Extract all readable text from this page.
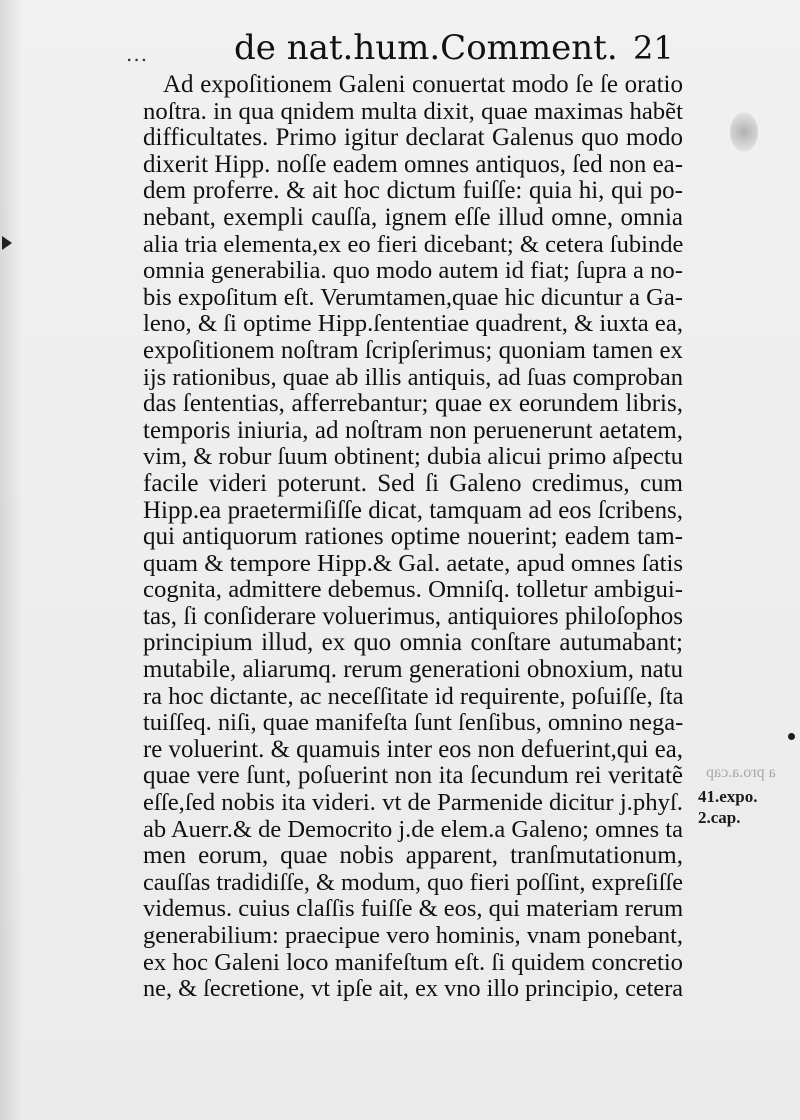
...	de nat.hum.Comment. 21
Ad expoſitionem Galeni conuertat modo ſe ſe oratio
noſtra. in qua qnidem multa dixit, quae maximas habẽt
difficultates. Primo igitur declarat Galenus quo modo
dixerit Hipp. noſſe eadem omnes antiquos, ſed non ea-
dem proferre. & ait hoc dictum fuiſſe: quia hi, qui po-
nebant, exempli cauſſa, ignem eſſe illud omne, omnia
alia tria elementa,ex eo fieri dicebant; & cetera ſubinde
omnia generabilia. quo modo autem id fiat; ſupra a no-
bis expoſitum eſt. Verumtamen,quae hic dicuntur a Ga-
leno, & ſi optime Hipp.ſententiae quadrent, & iuxta ea,
expoſitionem noſtram ſcripſerimus; quoniam tamen ex
ijs rationibus, quae ab illis antiquis, ad ſuas comproban
das ſententias, afferrebantur; quae ex eorundem libris,
temporis iniuria, ad noſtram non peruenerunt aetatem,
vim, & robur ſuum obtinent; dubia alicui primo aſpectu
facile videri poterunt. Sed ſi Galeno credimus, cum
Hipp.ea praetermiſiſſe dicat, tamquam ad eos ſcribens,
qui antiquorum rationes optime nouerint; eadem tam-
quam & tempore Hipp.& Gal. aetate, apud omnes ſatis
cognita, admittere debemus. Omniſq. tolletur ambigui-
tas, ſi conſiderare voluerimus, antiquiores philoſophos
principium illud, ex quo omnia conſtare autumabant;
mutabile, aliarumq. rerum generationi obnoxium, natu
ra hoc dictante, ac neceſſitate id requirente, poſuiſſe, ſta
tuiſſeq. niſi, quae manifeſta ſunt ſenſibus, omnino nega-
re voluerint. & quamuis inter eos non defuerint,qui ea,
quae vere ſunt, poſuerint non ita ſecundum rei veritatẽ
eſſe,ſed nobis ita videri. vt de Parmenide dicitur j.phyſ.
ab Auerr.& de Democrito j.de elem.a Galeno; omnes ta
men eorum, quae nobis apparent, tranſmutationum,
cauſſas tradidiſſe, & modum, quo fieri poſſint, expreſiſſe
videmus. cuius claſſis fuiſſe & eos, qui materiam rerum
generabilium: praecipue vero hominis, vnam ponebant,
ex hoc Galeni loco manifeſtum eſt. ſi quidem concretio
ne, & ſecretione, vt ipſe ait, ex vno illo principio, cetera
a pro.a.cap
41.expo.
2.cap.
